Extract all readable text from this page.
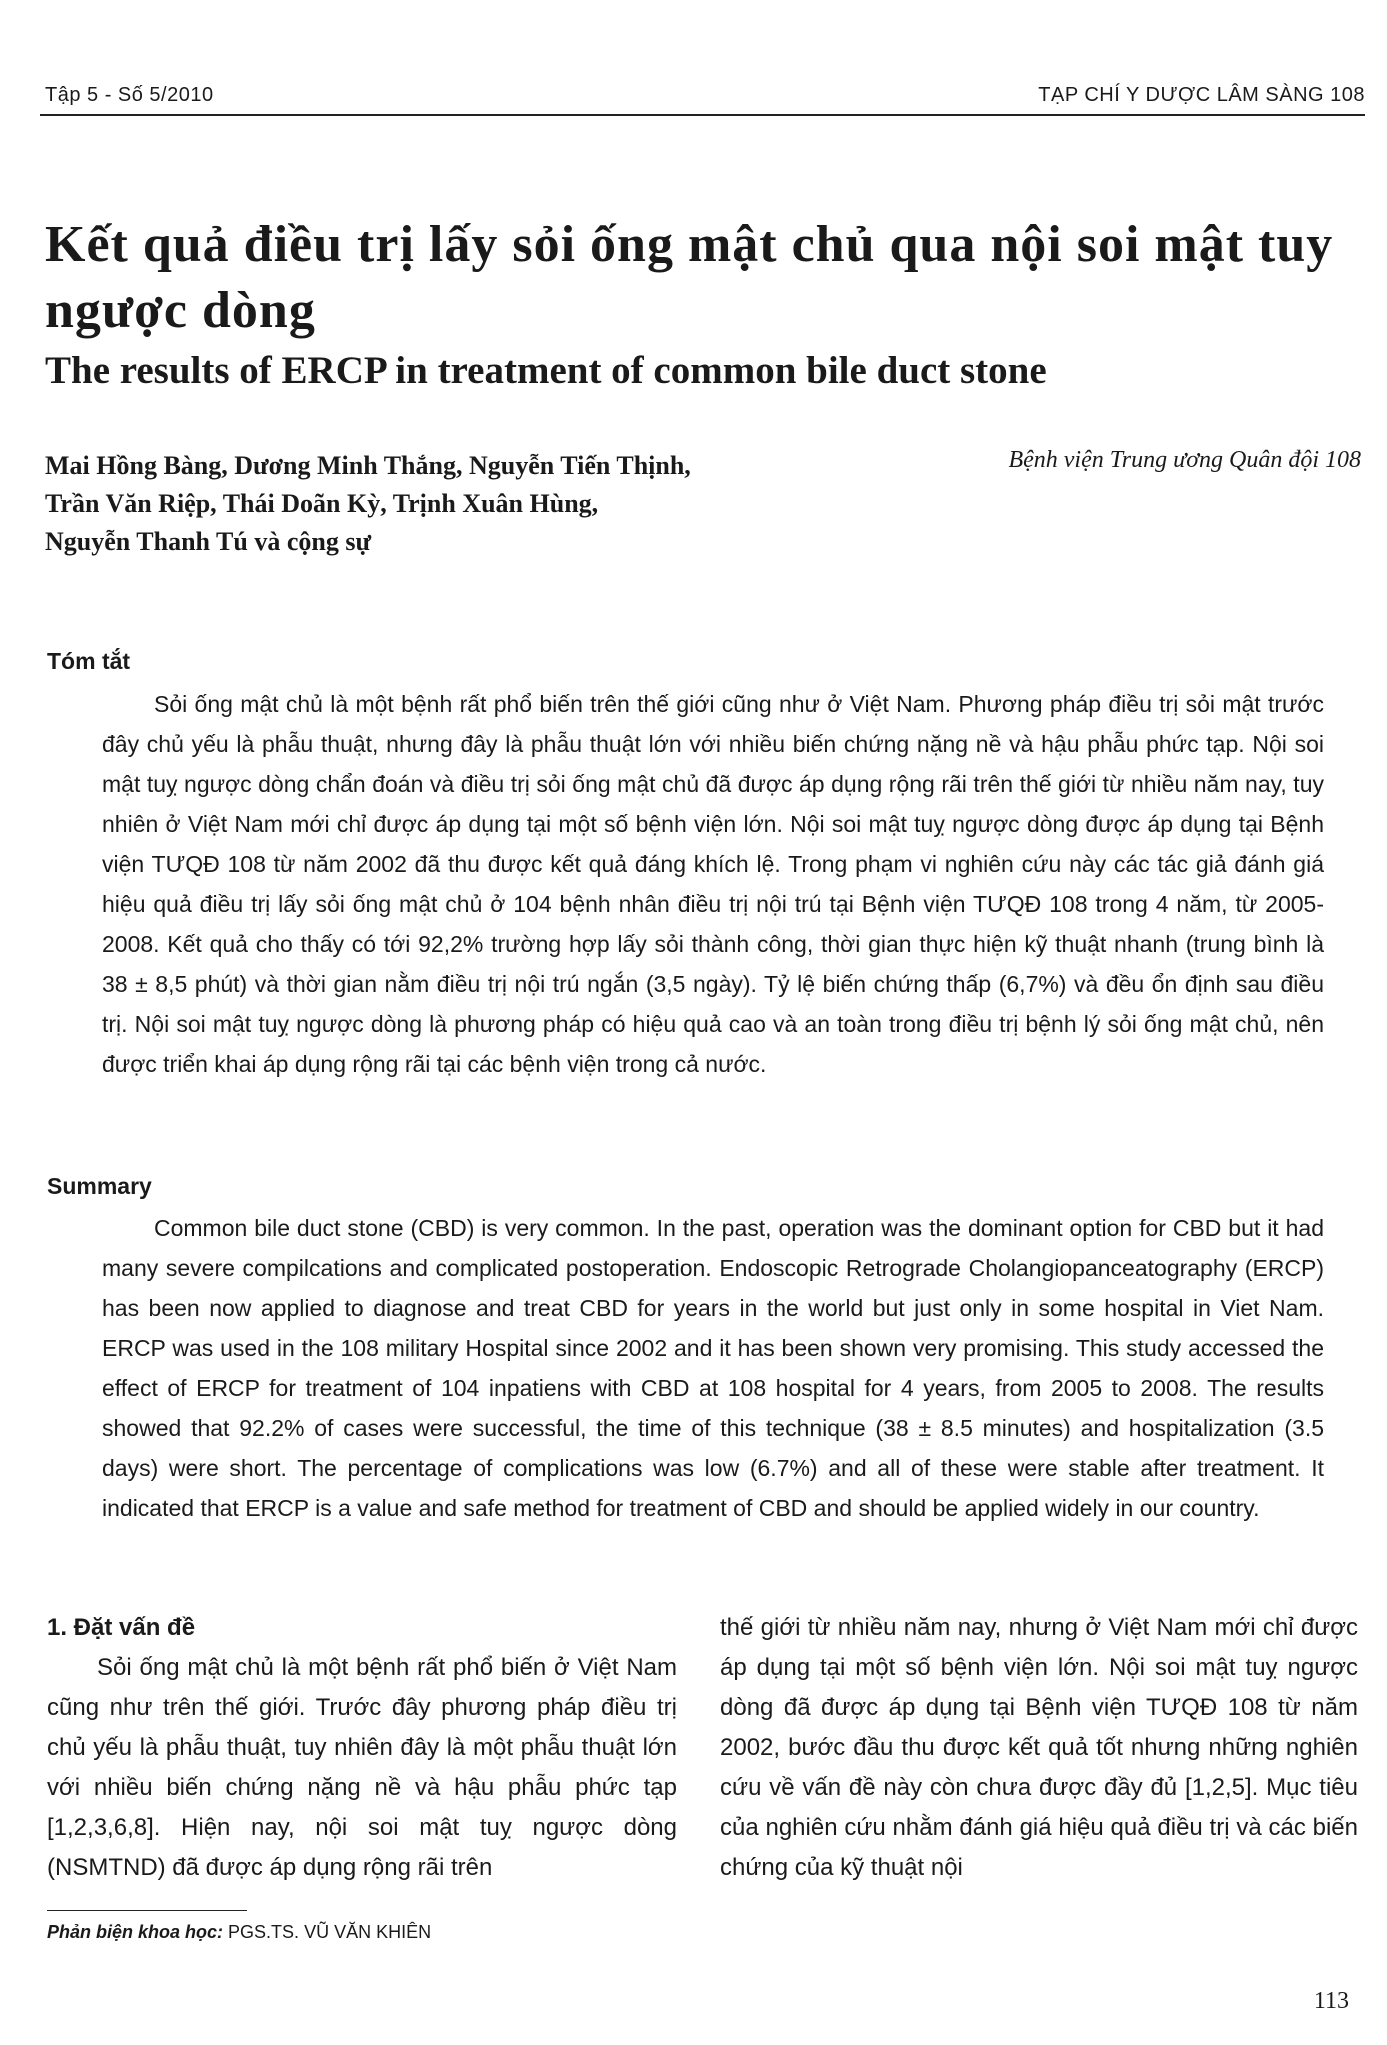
Tập 5 - Số 5/2010	TẠP CHÍ Y DƯỢC LÂM SÀNG 108
Kết quả điều trị lấy sỏi ống mật chủ qua nội soi mật tuy ngược dòng
The results of ERCP in treatment of common bile duct stone
Mai Hồng Bàng, Dương Minh Thắng, Nguyễn Tiến Thịnh,
Trần Văn Riệp, Thái Doãn Kỳ, Trịnh Xuân Hùng,
Nguyễn Thanh Tú và cộng sự
Bệnh viện Trung ương Quân đội 108
Tóm tắt

Sỏi ống mật chủ là một bệnh rất phổ biến trên thế giới cũng như ở Việt Nam. Phương pháp điều trị sỏi mật trước đây chủ yếu là phẫu thuật, nhưng đây là phẫu thuật lớn với nhiều biến chứng nặng nề và hậu phẫu phức tạp. Nội soi mật tuỵ ngược dòng chẩn đoán và điều trị sỏi ống mật chủ đã được áp dụng rộng rãi trên thế giới từ nhiều năm nay, tuy nhiên ở Việt Nam mới chỉ được áp dụng tại một số bệnh viện lớn. Nội soi mật tuỵ ngược dòng được áp dụng tại Bệnh viện TƯQĐ 108 từ năm 2002 đã thu được kết quả đáng khích lệ. Trong phạm vi nghiên cứu này các tác giả đánh giá hiệu quả điều trị lấy sỏi ống mật chủ ở 104 bệnh nhân điều trị nội trú tại Bệnh viện TƯQĐ 108 trong 4 năm, từ 2005-2008. Kết quả cho thấy có tới 92,2% trường hợp lấy sỏi thành công, thời gian thực hiện kỹ thuật nhanh (trung bình là 38 ± 8,5 phút) và thời gian nằm điều trị nội trú ngắn (3,5 ngày). Tỷ lệ biến chứng thấp (6,7%) và đều ổn định sau điều trị. Nội soi mật tuỵ ngược dòng là phương pháp có hiệu quả cao và an toàn trong điều trị bệnh lý sỏi ống mật chủ, nên được triển khai áp dụng rộng rãi tại các bệnh viện trong cả nước.

Summary

Common bile duct stone (CBD) is very common. In the past, operation was the dominant option for CBD but it had many severe compilcations and complicated postoperation. Endoscopic Retrograde Cholangiopanceatography (ERCP) has been now applied to diagnose and treat CBD for years in the world but just only in some hospital in Viet Nam. ERCP was used in the 108 military Hospital since 2002 and it has been shown very promising. This study accessed the effect of ERCP for treatment of 104 inpatiens with CBD at 108 hospital for 4 years, from 2005 to 2008. The results showed that 92.2% of cases were successful, the time of this technique (38 ± 8.5 minutes) and hospitalization (3.5 days) were short. The percentage of complications was low (6.7%) and all of these were stable after treatment. It indicated that ERCP is a value and safe method for treatment of CBD and should be applied widely in our country.

1. Đặt vấn đề

Sỏi ống mật chủ là một bệnh rất phổ biến ở Việt Nam cũng như trên thế giới. Trước đây phương pháp điều trị chủ yếu là phẫu thuật, tuy nhiên đây là một phẫu thuật lớn với nhiều biến chứng nặng nề và hậu phẫu phức tạp [1,2,3,6,8]. Hiện nay, nội soi mật tuỵ ngược dòng (NSMTND) đã được áp dụng rộng rãi trên

thế giới từ nhiều năm nay, nhưng ở Việt Nam mới chỉ được áp dụng tại một số bệnh viện lớn. Nội soi mật tuỵ ngược dòng đã được áp dụng tại Bệnh viện TƯQĐ 108 từ năm 2002, bước đầu thu được kết quả tốt nhưng những nghiên cứu về vấn đề này còn chưa được đầy đủ [1,2,5]. Mục tiêu của nghiên cứu nhằm đánh giá hiệu quả điều trị và các biến chứng của kỹ thuật nội

Phản biện khoa học: PGS.TS. VŨ VĂN KHIÊN
113
